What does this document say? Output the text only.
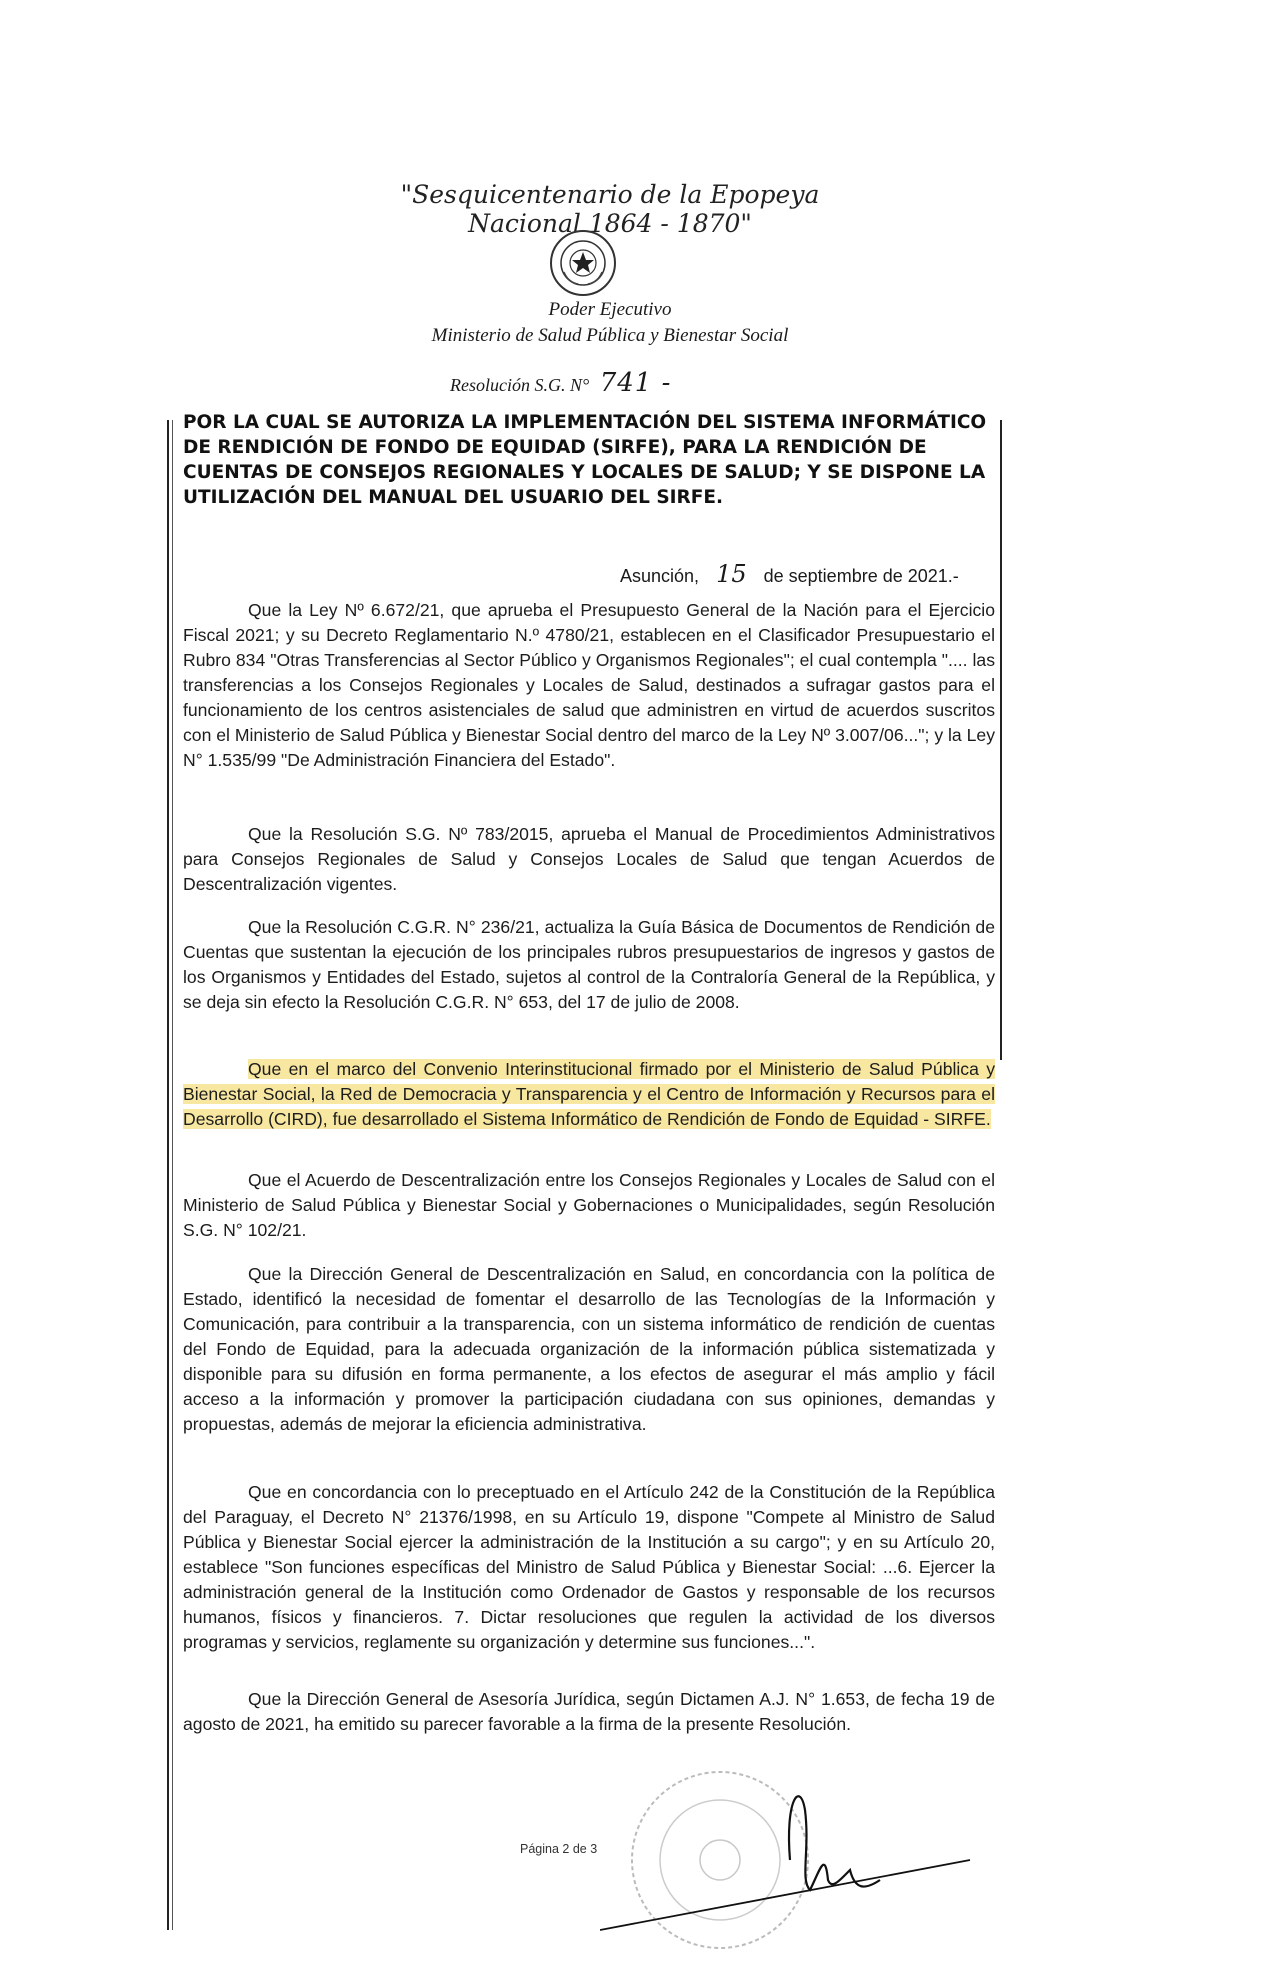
"Sesquicentenario de la Epopeya Nacional 1864 - 1870"
Poder Ejecutivo
Ministerio de Salud Pública y Bienestar Social
Resolución S.G. N° 741 -
POR LA CUAL SE AUTORIZA LA IMPLEMENTACIÓN DEL SISTEMA INFORMÁTICO DE RENDICIÓN DE FONDO DE EQUIDAD (SIRFE), PARA LA RENDICIÓN DE CUENTAS DE CONSEJOS REGIONALES Y LOCALES DE SALUD; Y SE DISPONE LA UTILIZACIÓN DEL MANUAL DEL USUARIO DEL SIRFE.
Asunción, 15 de septiembre de 2021.-
Que la Ley Nº 6.672/21, que aprueba el Presupuesto General de la Nación para el Ejercicio Fiscal 2021; y su Decreto Reglamentario N.º 4780/21, establecen en el Clasificador Presupuestario el Rubro 834 "Otras Transferencias al Sector Público y Organismos Regionales"; el cual contempla ".... las transferencias a los Consejos Regionales y Locales de Salud, destinados a sufragar gastos para el funcionamiento de los centros asistenciales de salud que administren en virtud de acuerdos suscritos con el Ministerio de Salud Pública y Bienestar Social dentro del marco de la Ley Nº 3.007/06..."; y la Ley N° 1.535/99 "De Administración Financiera del Estado".
Que la Resolución S.G. Nº 783/2015, aprueba el Manual de Procedimientos Administrativos para Consejos Regionales de Salud y Consejos Locales de Salud que tengan Acuerdos de Descentralización vigentes.
Que la Resolución C.G.R. N° 236/21, actualiza la Guía Básica de Documentos de Rendición de Cuentas que sustentan la ejecución de los principales rubros presupuestarios de ingresos y gastos de los Organismos y Entidades del Estado, sujetos al control de la Contraloría General de la República, y se deja sin efecto la Resolución C.G.R. N° 653, del 17 de julio de 2008.
Que en el marco del Convenio Interinstitucional firmado por el Ministerio de Salud Pública y Bienestar Social, la Red de Democracia y Transparencia y el Centro de Información y Recursos para el Desarrollo (CIRD), fue desarrollado el Sistema Informático de Rendición de Fondo de Equidad - SIRFE.
Que el Acuerdo de Descentralización entre los Consejos Regionales y Locales de Salud con el Ministerio de Salud Pública y Bienestar Social y Gobernaciones o Municipalidades, según Resolución S.G. N° 102/21.
Que la Dirección General de Descentralización en Salud, en concordancia con la política de Estado, identificó la necesidad de fomentar el desarrollo de las Tecnologías de la Información y Comunicación, para contribuir a la transparencia, con un sistema informático de rendición de cuentas del Fondo de Equidad, para la adecuada organización de la información pública sistematizada y disponible para su difusión en forma permanente, a los efectos de asegurar el más amplio y fácil acceso a la información y promover la participación ciudadana con sus opiniones, demandas y propuestas, además de mejorar la eficiencia administrativa.
Que en concordancia con lo preceptuado en el Artículo 242 de la Constitución de la República del Paraguay, el Decreto N° 21376/1998, en su Artículo 19, dispone "Compete al Ministro de Salud Pública y Bienestar Social ejercer la administración de la Institución a su cargo"; y en su Artículo 20, establece "Son funciones específicas del Ministro de Salud Pública y Bienestar Social: ...6. Ejercer la administración general de la Institución como Ordenador de Gastos y responsable de los recursos humanos, físicos y financieros. 7. Dictar resoluciones que regulen la actividad de los diversos programas y servicios, reglamente su organización y determine sus funciones...".
Que la Dirección General de Asesoría Jurídica, según Dictamen A.J. N° 1.653, de fecha 19 de agosto de 2021, ha emitido su parecer favorable a la firma de la presente Resolución.
Página 2 de 3
